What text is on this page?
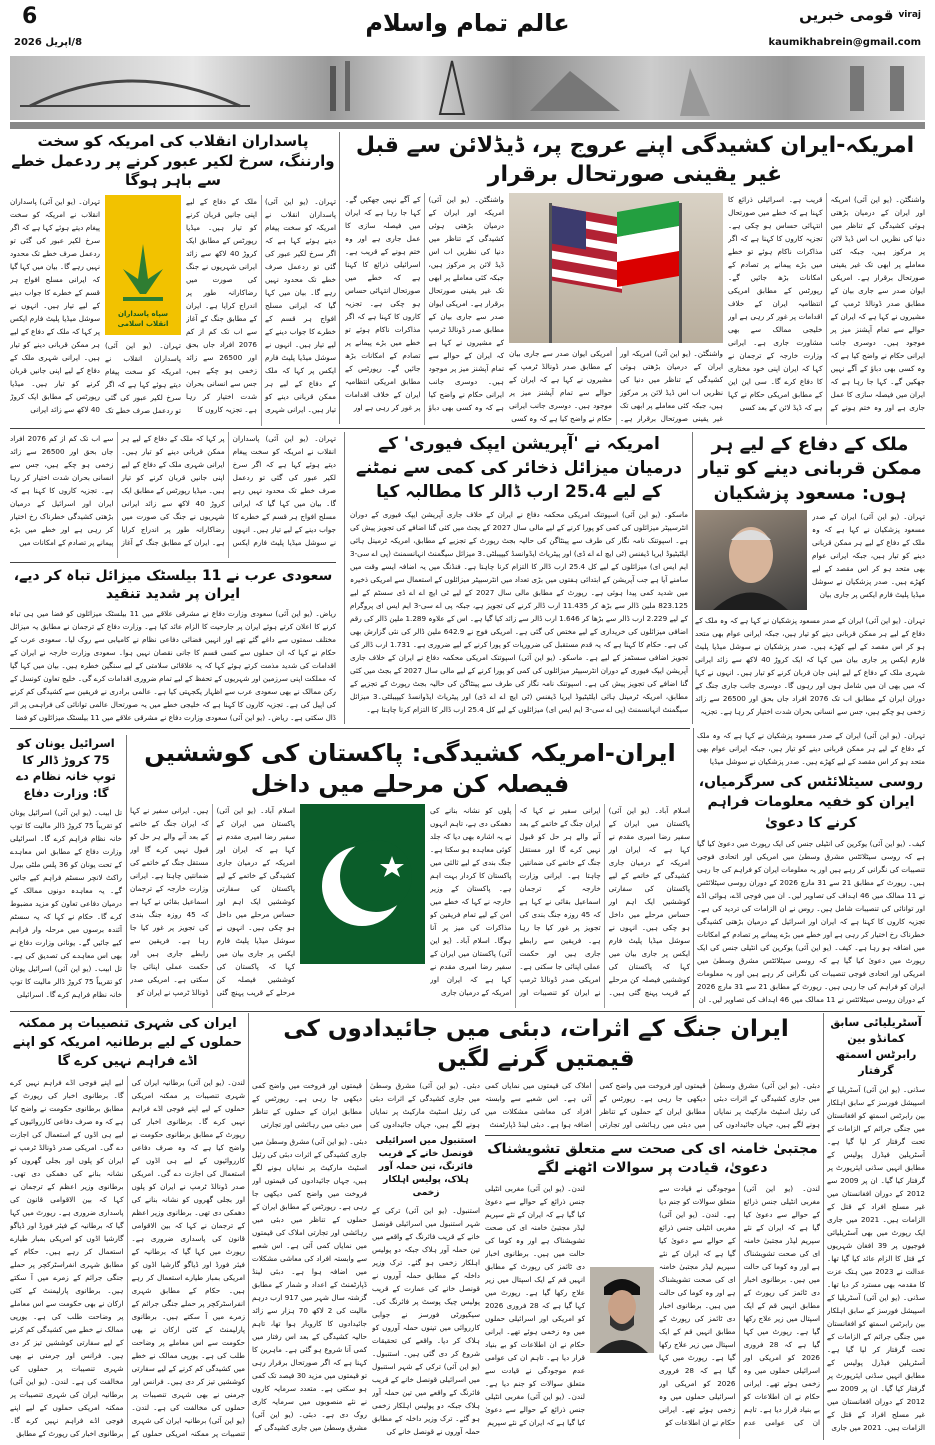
6
8/اپریل 2026
عالم تمام واسلام	قومی خبریں viraj
kaumikhabrein@gmail.com
امریکہ-ایران کشیدگی اپنے عروج پر، ڈیڈلائن سے قبل غیر یقینی صورتحال برقرار
واشنگٹن۔ (یو این آئی) امریکہ اور ایران کے درمیان بڑھتی ہوئی کشیدگی کے تناظر میں دنیا کی نظریں اب اس ڈیڈ لائن پر مرکوز ہیں، جبکہ کئی معاملے پر ابھی تک غیر یقینی صورتحال برقرار ہے۔ امریکی ایوان صدر سے جاری بیان کے مطابق صدر ڈونالڈ ٹرمپ کے مشیروں نے کہا ہے کہ ایران کے حوالے سے تمام آپشنز میز پر موجود ہیں۔ دوسری جانب ایرانی حکام نے واضح کیا ہے کہ وہ کسی بھی دباؤ کے آگے نہیں جھکیں گے۔ کہا جا رہا ہے کہ ایران میں فیصلہ سازی کا عمل جاری ہے اور وہ ختم ہونے کے قریب ہے۔ اسرائیلی ذرائع کا کہنا ہے کہ خطے میں صورتحال انتہائی حساس ہو چکی ہے۔ تجزیہ کاروں کا کہنا ہے کہ اگر مذاکرات ناکام ہوئے تو خطے میں بڑے پیمانے پر تصادم کے امکانات بڑھ جائیں گے۔ رپورٹس کے مطابق امریکی انتظامیہ ایران کے خلاف اقدامات پر غور کر رہی ہے اور
واشنگٹن۔ (یو این آئی) امریکہ اور ایران کے درمیان بڑھتی ہوئی کشیدگی کے تناظر میں دنیا کی نظریں اب اس ڈیڈ لائن پر مرکوز ہیں، جبکہ کئی معاملے پر ابھی تک غیر یقینی صورتحال برقرار ہے۔ امریکی ایوان صدر سے جاری بیان کے مطابق صدر ڈونالڈ ٹرمپ کے مشیروں نے کہا ہے کہ ایران کے حوالے سے تمام آپشنز میز پر موجود ہیں۔ دوسری جانب ایرانی حکام نے واضح کیا ہے کہ وہ کسی
واشنگٹن۔ (یو این آئی) امریکہ اور ایران کے درمیان بڑھتی ہوئی کشیدگی کے تناظر میں دنیا کی نظریں اب اس ڈیڈ لائن پر مرکوز ہیں، جبکہ کئی معاملے پر ابھی تک غیر یقینی صورتحال برقرار ہے۔ امریکی ایوان صدر سے جاری بیان کے مطابق صدر ڈونالڈ ٹرمپ کے مشیروں نے کہا ہے کہ ایران کے حوالے سے تمام آپشنز میز پر موجود ہیں۔ دوسری جانب ایرانی حکام نے واضح کیا ہے کہ وہ کسی بھی دباؤ کے آگے نہیں جھکیں گے۔ کہا جا رہا ہے کہ ایران میں فیصلہ سازی کا عمل جاری ہے اور وہ ختم ہونے کے قریب ہے۔ اسرائیلی ذرائع کا کہنا ہے کہ خطے میں صورتحال انتہائی حساس ہو چکی ہے۔ تجزیہ کاروں کا کہنا ہے کہ اگر مذاکرات ناکام ہوئے تو خطے میں بڑے پیمانے پر تصادم کے امکانات بڑھ جائیں گے۔ رپورٹس کے مطابق امریکی انتظامیہ ایران کے خلاف اقدامات پر غور کر رہی ہے اور خلیجی ممالک سے بھی مشاورت جاری ہے۔ ایرانی وزارت خارجہ کے ترجمان نے کہا کہ ایران اپنی خود مختاری کا دفاع کرے گا۔ سی این این کے مطابق امریکی حکام نے کہا ہے کہ ڈیڈ لائن کے بعد کسی
پاسداران انقلاب کی امریکہ کو سخت وارننگ، سرخ لکیر عبور کرنے پر ردعمل خطے سے باہر ہوگا
تہران۔ (یو این آئی) پاسداران انقلاب نے امریکہ کو سخت پیغام دیتے ہوئے کہا ہے کہ اگر سرخ لکیر عبور کی گئی تو ردعمل صرف خطے تک محدود نہیں رہے گا۔ بیان میں کہا گیا کہ ایرانی مسلح افواج ہر قسم کے خطرے کا جواب دینے کے لیے تیار ہیں۔ انہوں نے سوشل میڈیا پلیٹ فارم ایکس پر کہا کہ ملک کے دفاع کے لیے ہر ممکن قربانی دینے کو تیار ہیں۔ ایرانی شہری ملک کے دفاع کے لیے اپنی جانیں قربان کرنے کو تیار ہیں۔ میڈیا رپورٹس کے مطابق ایک کروڑ 40 لاکھ سے زائد ایرانی
سپاه پاسداران انقلاب اسلامی
تہران۔ (یو این آئی) پاسداران انقلاب نے امریکہ کو سخت پیغام دیتے ہوئے کہا ہے کہ اگر سرخ لکیر عبور کی گئی تو ردعمل صرف خطے تک
تہران۔ (یو این آئی) پاسداران انقلاب نے امریکہ کو سخت پیغام دیتے ہوئے کہا ہے کہ اگر سرخ لکیر عبور کی گئی تو ردعمل صرف خطے تک محدود نہیں رہے گا۔ بیان میں کہا گیا کہ ایرانی مسلح افواج ہر قسم کے خطرے کا جواب دینے کے لیے تیار ہیں۔ انہوں نے سوشل میڈیا پلیٹ فارم ایکس پر کہا کہ ملک کے دفاع کے لیے ہر ممکن قربانی دینے کو تیار ہیں۔ ایرانی شہری ملک کے دفاع کے لیے اپنی جانیں قربان کرنے کو تیار ہیں۔ میڈیا رپورٹس کے مطابق ایک کروڑ 40 لاکھ سے زائد ایرانی شہریوں نے جنگ کی صورت میں رضاکارانہ طور پر اندراج کرایا ہے۔ ایران کے مطابق جنگ کے آغاز سے اب تک کم از کم 2076 افراد جاں بحق اور 26500 سے زائد زخمی ہو چکے ہیں، جس سے انسانی بحران شدت اختیار کر رہا ہے۔ تجزیہ کاروں کا
ملک کے دفاع کے لیے ہر ممکن قربانی دینے کو تیار ہوں: مسعود پزشکیان
تہران۔ (یو این آئی) ایران کے صدر مسعود پزشکیان نے کہا ہے کہ وہ ملک کے دفاع کے لیے ہر ممکن قربانی دینے کو تیار ہیں، جبکہ ایرانی عوام بھی متحد ہو کر اس مقصد کے لیے کھڑے ہیں۔ صدر پزشکیان نے سوشل میڈیا پلیٹ فارم ایکس پر جاری بیان
تہران۔ (یو این آئی) ایران کے صدر مسعود پزشکیان نے کہا ہے کہ وہ ملک کے دفاع کے لیے ہر ممکن قربانی دینے کو تیار ہیں، جبکہ ایرانی عوام بھی متحد ہو کر اس مقصد کے لیے کھڑے ہیں۔ صدر پزشکیان نے سوشل میڈیا پلیٹ فارم ایکس پر جاری بیان میں کہا کہ ایک کروڑ 40 لاکھ سے زائد ایرانی شہری ملک کے دفاع کے لیے اپنی جان قربان کرنے کو تیار ہیں۔ انہوں نے کہا کہ میں بھی ان میں شامل ہوں اور رہوں گا۔ دوسری جانب جاری جنگ کے دوران ایران کے مطابق اب تک 2076 افراد جاں بحق اور 26500 سے زائد زخمی ہو چکے ہیں، جس سے انسانی بحران شدت اختیار کر رہا ہے۔ تجزیہ
امریکہ نے 'آپریشن ایپک فیوری' کے درمیان میزائل ذخائر کی کمی سے نمٹنے کے لیے 25.4 ارب ڈالر کا مطالبہ کیا
ماسکو۔ (یو این آئی) اسپوتنک امریکی محکمہ دفاع نے ایران کے خلاف جاری آپریشن ایپک فیوری کے دوران انٹرسیپٹر میزائلوں کی کمی کو پورا کرنے کے لیے مالی سال 2027 کے بجٹ میں کئی گنا اضافے کی تجویز پیش کی ہے۔ اسپوتنک نامہ نگار کی طرف سے پینٹاگن کی حالیہ بجٹ رپورٹ کے تجزیے کے مطابق، امریکہ ٹرمینل ہائی ایلٹیٹیوڈ ایریا ڈیفنس (ٹی ایچ اے اے ڈی) اور پیٹریاٹ ایڈوانسڈ کیپیبلٹی۔3 میزائل سیگمنٹ انہانسمنٹ (پی اے سی-3 ایم ایس ای) میزائلوں کے لیے کل 25.4 ارب ڈالر کا التزام کرنا چاہتا ہے۔ فنڈنگ میں یہ اضافہ ایسے وقت میں سامنے آیا ہے جب آپریشن کے ابتدائی ہفتوں میں بڑی تعداد میں انٹرسیپٹر میزائلوں کے استعمال سے امریکی ذخیرہ میں شدید کمی پیدا ہوئی ہے۔ رپورٹ کے مطابق مالی سال 2027 کے لیے ٹی ایچ اے اے ڈی سسٹم کے لیے 823.125 ملین ڈالر سے بڑھ کر 11.435 ارب ڈالر کرنے کی تجویز ہے، جبکہ پی اے سی-3 ایم ایس ای پروگرام کے لیے 2.229 ارب ڈالر سے بڑھا کر 1.646 ارب ڈالر سے زائد کیا گیا ہے۔ اس کے علاوہ 1.289 ملین ڈالر کی رقم اضافی میزائلوں کی خریداری کے لیے مختص کی گئی ہے۔ امریکی فوج نے 642.9 ملین ڈالر کی نئی گزارش بھی کی ہے۔ حکام کا کہنا ہے کہ یہ قدم مستقبل کی ضروریات کو پورا کرنے کے لیے ضروری ہے۔ 1.731 ارب ڈالر کی تجویز اضافی سسٹمز کے لیے ہے۔ ماسکو۔ (یو این آئی) اسپوتنک امریکی محکمہ دفاع نے ایران کے خلاف جاری آپریشن ایپک فیوری کے دوران انٹرسیپٹر میزائلوں کی کمی کو پورا کرنے کے لیے مالی سال 2027 کے بجٹ میں کئی گنا اضافے کی تجویز پیش کی ہے۔ اسپوتنک نامہ نگار کی طرف سے پینٹاگن کی حالیہ بجٹ رپورٹ کے تجزیے کے مطابق، امریکہ ٹرمینل ہائی ایلٹیٹیوڈ ایریا ڈیفنس (ٹی ایچ اے اے ڈی) اور پیٹریاٹ ایڈوانسڈ کیپیبلٹی۔3 میزائل سیگمنٹ انہانسمنٹ (پی اے سی-3 ایم ایس ای) میزائلوں کے لیے کل 25.4 ارب ڈالر کا التزام کرنا چاہتا ہے۔
تہران۔ (یو این آئی) پاسداران انقلاب نے امریکہ کو سخت پیغام دیتے ہوئے کہا ہے کہ اگر سرخ لکیر عبور کی گئی تو ردعمل صرف خطے تک محدود نہیں رہے گا۔ بیان میں کہا گیا کہ ایرانی مسلح افواج ہر قسم کے خطرے کا جواب دینے کے لیے تیار ہیں۔ انہوں نے سوشل میڈیا پلیٹ فارم ایکس پر کہا کہ ملک کے دفاع کے لیے ہر ممکن قربانی دینے کو تیار ہیں۔ ایرانی شہری ملک کے دفاع کے لیے اپنی جانیں قربان کرنے کو تیار ہیں۔ میڈیا رپورٹس کے مطابق ایک کروڑ 40 لاکھ سے زائد ایرانی شہریوں نے جنگ کی صورت میں رضاکارانہ طور پر اندراج کرایا ہے۔ ایران کے مطابق جنگ کے آغاز سے اب تک کم از کم 2076 افراد جاں بحق اور 26500 سے زائد زخمی ہو چکے ہیں، جس سے انسانی بحران شدت اختیار کر رہا ہے۔ تجزیہ کاروں کا کہنا ہے کہ ایران اور اسرائیل کے درمیان بڑھتی کشیدگی خطرناک رخ اختیار کر رہی ہے اور خطے میں بڑے پیمانے پر تصادم کے امکانات میں
سعودی عرب نے 11 بیلسٹک میزائل تباہ کر دیے، ایران پر شدید تنقید
ریاض۔ (یو این آئی) سعودی وزارت دفاع نے مشرقی علاقے میں 11 بیلسٹک میزائلوں کو فضا میں ہی تباہ کرنے کا اعلان کرتے ہوئے ایران پر جارحیت کا الزام عائد کیا ہے۔ وزارت دفاع کے ترجمان نے مطابق یہ میزائل مختلف سمتوں سے داغے گئے تھے اور انہیں فضائی دفاعی نظام نے کامیابی سے روک لیا۔ سعودی عرب کے حکام نے کہا کہ ان حملوں سے کسی قسم کا جانی نقصان نہیں ہوا۔ سعودی وزارت خارجہ نے ایران کے اقدامات کی شدید مذمت کرتے ہوئے کہا کہ یہ علاقائی سلامتی کے لیے سنگین خطرہ ہیں۔ بیان میں کہا گیا کہ مملکت اپنی سرزمین اور شہریوں کے تحفظ کے لیے تمام ضروری اقدامات کرے گی۔ خلیج تعاون کونسل کے رکن ممالک نے بھی سعودی عرب سے اظہار یکجہتی کیا ہے۔ عالمی برادری نے فریقین سے کشیدگی کم کرنے کی اپیل کی ہے۔ تجزیہ کاروں کا کہنا ہے کہ خلیجی خطے میں یہ صورتحال عالمی توانائی کی فراہمی پر اثر ڈال سکتی ہے۔ ریاض۔ (یو این آئی) سعودی وزارت دفاع نے مشرقی علاقے میں 11 بیلسٹک میزائلوں کو فضا
تہران۔ (یو این آئی) ایران کے صدر مسعود پزشکیان نے کہا ہے کہ وہ ملک کے دفاع کے لیے ہر ممکن قربانی دینے کو تیار ہیں، جبکہ ایرانی عوام بھی متحد ہو کر اس مقصد کے لیے کھڑے ہیں۔ صدر پزشکیان نے سوشل میڈیا
روسی سیٹلائٹس کی سرگرمیاں، ایران کو خفیہ معلومات فراہم کرنے کا دعویٰ
کیف۔ (یو این آئی) یوکرین کی انٹیلی جنس کی ایک رپورٹ میں دعویٰ کیا گیا ہے کہ روسی سیٹلائٹس مشرق وسطیٰ میں امریکی اور اتحادی فوجی تنصیبات کی نگرانی کر رہے ہیں اور یہ معلومات ایران کو فراہم کی جا رہی ہیں۔ رپورٹ کے مطابق 21 سے 31 مارچ 2026 کے دوران روسی سیٹلائٹس نے 11 ممالک میں 46 اہداف کی تصاویر لیں۔ ان میں فوجی اڈے، ہوائی اڈے اور توانائی کی تنصیبات شامل ہیں۔ روس نے ان الزامات کی تردید کی ہے۔ تجزیہ کاروں کا کہنا ہے کہ ایران اور اسرائیل کے درمیان بڑھتی کشیدگی خطرناک رخ اختیار کر رہی ہے اور خطے میں بڑے پیمانے پر تصادم کے امکانات میں اضافہ ہو رہا ہے۔ کیف۔ (یو این آئی) یوکرین کی انٹیلی جنس کی ایک رپورٹ میں دعویٰ کیا گیا ہے کہ روسی سیٹلائٹس مشرق وسطیٰ میں امریکی اور اتحادی فوجی تنصیبات کی نگرانی کر رہے ہیں اور یہ معلومات ایران کو فراہم کی جا رہی ہیں۔ رپورٹ کے مطابق 21 سے 31 مارچ 2026 کے دوران روسی سیٹلائٹس نے 11 ممالک میں 46 اہداف کی تصاویر لیں۔ ان
ایران-امریکہ کشیدگی: پاکستان کی کوششیں فیصلہ کن مرحلے میں داخل
اسلام آباد۔ (یو این آئی) پاکستان میں ایران کے سفیر رضا امیری مقدم نے کہا ہے کہ ایران اور امریکہ کے درمیان جاری کشیدگی کے خاتمے کے لیے پاکستان کی سفارتی کوششیں ایک اہم اور حساس مرحلے میں داخل ہو چکی ہیں۔ انہوں نے سوشل میڈیا پلیٹ فارم ایکس پر جاری بیان میں کہا کہ پاکستان کی کوششیں فیصلہ کن مرحلے کے قریب پہنچ گئی ہیں۔ ایرانی سفیر نے کہا کہ ایران جنگ کے خاتمے کے بعد آنے والے ہر حل کو قبول نہیں کرے گا اور مستقل جنگ کے خاتمے کی ضمانتیں چاہتا ہے۔ ایرانی وزارت خارجہ کے ترجمان اسماعیل بقائی نے کہا ہے کہ 45 روزہ جنگ بندی کی تجویز پر غور کیا جا رہا ہے۔ فریقین سے رابطے جاری ہیں اور حکمت عملی اپنائی جا سکتی ہے۔ امریکی صدر ڈونالڈ ٹرمپ نے ایران کو
اسلام آباد۔ (یو این آئی) پاکستان میں ایران کے سفیر رضا امیری مقدم نے کہا ہے کہ ایران اور امریکہ کے درمیان جاری کشیدگی کے خاتمے کے لیے پاکستان کی سفارتی کوششیں ایک اہم اور حساس مرحلے میں داخل ہو چکی ہیں۔ انہوں نے سوشل میڈیا پلیٹ فارم ایکس پر جاری بیان میں کہا کہ پاکستان کی کوششیں فیصلہ کن مرحلے کے قریب پہنچ گئی ہیں۔ ایرانی سفیر نے کہا کہ ایران جنگ کے خاتمے کے بعد آنے والے ہر حل کو قبول نہیں کرے گا اور مستقل جنگ کے خاتمے کی ضمانتیں چاہتا ہے۔ ایرانی وزارت خارجہ کے ترجمان اسماعیل بقائی نے کہا ہے کہ 45 روزہ جنگ بندی کی تجویز پر غور کیا جا رہا ہے۔ فریقین سے رابطے جاری ہیں اور حکمت عملی اپنائی جا سکتی ہے۔ امریکی صدر ڈونالڈ ٹرمپ نے ایران کو تنصیبات اور پلوں کو نشانہ بنانے کی دھمکی دی ہے، تاہم انہوں نے یہ اشارہ بھی دیا کہ جلد کوئی معاہدہ ہو سکتا ہے۔ جنگ بندی کے لیے ثالثی میں پاکستان کا کردار بہت اہم ہے۔ پاکستان کے وزیر خارجہ نے کہا کہ خطے میں امن کے لیے تمام فریقین کو مذاکرات کی میز پر آنا ہوگا۔ اسلام آباد۔ (یو این آئی) پاکستان میں ایران کے سفیر رضا امیری مقدم نے کہا ہے کہ ایران اور امریکہ کے درمیان جاری
اسرائیل یونان کو 75 کروڑ ڈالر کا توپ خانہ نظام دے گا: وزارت دفاع
تل ابیب۔ (یو این آئی) اسرائیل یونان کو تقریباً 75 کروڑ ڈالر مالیت کا توپ خانہ نظام فراہم کرے گا۔ اسرائیلی وزارت دفاع کے مطابق اس معاہدے کے تحت یونان کو 36 پلس ملٹی بیرل راکٹ لانچر سسٹم فراہم کیے جائیں گے۔ یہ معاہدہ دونوں ممالک کے درمیان دفاعی تعاون کو مزید مضبوط کرے گا۔ حکام نے کہا کہ یہ سسٹم آئندہ برسوں میں مرحلہ وار فراہم کیے جائیں گے۔ یونانی وزارت دفاع نے بھی اس معاہدے کی تصدیق کی ہے۔ تل ابیب۔ (یو این آئی) اسرائیل یونان کو تقریباً 75 کروڑ ڈالر مالیت کا توپ خانہ نظام فراہم کرے گا۔ اسرائیلی
آسٹریلیائی سابق کمانڈو بین رابرٹس اسمتھ گرفتار
سڈنی۔ (یو این آئی) آسٹریلیا کے اسپیشل فورسز کے سابق اہلکار بین رابرٹس اسمتھ کو افغانستان میں جنگی جرائم کے الزامات کے تحت گرفتار کر لیا گیا ہے۔ آسٹریلین فیڈرل پولیس کے مطابق انہیں سڈنی ایئرپورٹ پر گرفتار کیا گیا۔ ان پر 2009 سے 2012 کے دوران افغانستان میں غیر مسلح افراد کے قتل کے الزامات ہیں۔ 2021 میں جاری ایک رپورٹ میں بھی آسٹریلیائی فوجیوں پر 39 افغان شہریوں کے قتل کا الزام عائد کیا گیا تھا۔ عدالت نے 2023 میں ہتک عزت کا مقدمہ بھی مسترد کر دیا تھا۔ سڈنی۔ (یو این آئی) آسٹریلیا کے اسپیشل فورسز کے سابق اہلکار بین رابرٹس اسمتھ کو افغانستان میں جنگی جرائم کے الزامات کے تحت گرفتار کر لیا گیا ہے۔ آسٹریلین فیڈرل پولیس کے مطابق انہیں سڈنی ایئرپورٹ پر گرفتار کیا گیا۔ ان پر 2009 سے 2012 کے دوران افغانستان میں غیر مسلح افراد کے قتل کے الزامات ہیں۔ 2021 میں جاری
ایران جنگ کے اثرات، دبئی میں جائیدادوں کی قیمتیں گرنے لگیں
دبئی۔ (یو این آئی) مشرق وسطیٰ میں جاری کشیدگی کے اثرات دبئی کی رئیل اسٹیٹ مارکیٹ پر نمایاں ہونے لگے ہیں، جہاں جائیدادوں کی قیمتوں اور فروخت میں واضح کمی دیکھی جا رہی ہے۔ رپورٹس کے مطابق ایران کے حملوں کے تناظر میں دبئی میں رہائشی اور تجارتی
دبئی۔ (یو این آئی) مشرق وسطیٰ میں جاری کشیدگی کے اثرات دبئی کی رئیل اسٹیٹ مارکیٹ پر نمایاں ہونے لگے ہیں، جہاں جائیدادوں کی قیمتوں اور فروخت میں واضح کمی دیکھی جا رہی ہے۔ رپورٹس کے مطابق ایران کے حملوں کے تناظر میں دبئی میں رہائشی اور تجارتی املاک کی قیمتوں میں نمایاں کمی آئی ہے۔ اس شعبے سے وابستہ افراد کی معاشی مشکلات میں اضافہ ہوا ہے۔ دبئی لینڈ ڈپارٹمنٹ کے اعداد و شمار کے مطابق گزشتہ سال شہر میں 917 ارب درہم مالیت کی 2 لاکھ 70 ہزار سے زائد جائیدادوں کا کاروبار ہوا تھا، تاہم حالیہ کشیدگی کے بعد اس رفتار میں کمی آنا شروع ہو گئی ہے۔ ماہرین کا کہنا ہے کہ اگر صورتحال برقرار رہی تو قیمتوں میں مزید 30 فیصد تک کمی ہو سکتی ہے۔ متعدد سرمایہ کاروں نے نئے منصوبوں میں سرمایہ کاری روک دی ہے۔ دبئی۔ (یو این آئی) مشرق وسطیٰ میں جاری کشیدگی کے
استنبول میں اسرائیلی قونصل خانے کے قریب فائرنگ، تین حملہ آور ہلاک، پولیس اہلکار زخمی
استنبول۔ (یو این آئی) ترکی کے شہر استنبول میں اسرائیلی قونصل خانے کے قریب فائرنگ کے واقعے میں تین حملہ آور ہلاک جبکہ دو پولیس اہلکار زخمی ہو گئے۔ ترک وزیر داخلہ کے مطابق حملہ آوروں نے قونصل خانے کی عمارت کے قریب پولیس چیک پوسٹ پر فائرنگ کی۔ سیکیورٹی فورسز نے جوابی کارروائی میں تینوں حملہ آوروں کو ہلاک کر دیا۔ واقعے کی تحقیقات شروع کر دی گئی ہیں۔ استنبول۔ (یو این آئی) ترکی کے شہر استنبول میں اسرائیلی قونصل خانے کے قریب فائرنگ کے واقعے میں تین حملہ آور ہلاک جبکہ دو پولیس اہلکار زخمی ہو گئے۔ ترک وزیر داخلہ کے مطابق حملہ آوروں نے قونصل خانے کی
دبئی۔ (یو این آئی) مشرق وسطیٰ میں جاری کشیدگی کے اثرات دبئی کی رئیل اسٹیٹ مارکیٹ پر نمایاں ہونے لگے ہیں، جہاں جائیدادوں کی قیمتوں اور فروخت میں واضح کمی دیکھی جا رہی ہے۔ رپورٹس کے مطابق ایران کے حملوں کے تناظر میں دبئی میں رہائشی اور تجارتی املاک کی قیمتوں میں نمایاں کمی آئی ہے۔ اس شعبے سے وابستہ افراد کی معاشی مشکلات میں اضافہ ہوا ہے۔ دبئی لینڈ ڈپارٹمنٹ
مجتبیٰ خامنہ ای کی صحت سے متعلق تشویشناک دعویٰ، قیادت پر سوالات اٹھنے لگے
لندن۔ (یو این آئی) مغربی انٹیلی جنس ذرائع کے حوالے سے دعویٰ کیا گیا ہے کہ ایران کے نئے سپریم لیڈر مجتبیٰ خامنہ ای کی صحت تشویشناک ہے اور وہ کوما کی حالت میں ہیں۔ برطانوی اخبار دی ٹائمز کی رپورٹ کے مطابق انہیں قم کے ایک اسپتال میں زیر علاج رکھا گیا ہے۔ رپورٹ میں کہا گیا ہے کہ 28 فروری 2026 کو امریکی اور اسرائیلی حملوں میں وہ زخمی ہوئے تھے۔ ایرانی حکام نے ان اطلاعات کو بے بنیاد قرار دیا ہے۔ تاہم ان کی عوامی عدم موجودگی نے قیادت سے متعلق سوالات کو جنم دیا ہے۔ لندن۔ (یو این آئی) مغربی انٹیلی جنس ذرائع کے حوالے سے دعویٰ کیا گیا ہے کہ ایران کے نئے سپریم
لندن۔ (یو این آئی) مغربی انٹیلی جنس ذرائع کے حوالے سے دعویٰ کیا گیا ہے کہ ایران کے نئے سپریم لیڈر مجتبیٰ خامنہ ای کی صحت تشویشناک ہے اور وہ کوما کی حالت میں ہیں۔ برطانوی اخبار دی ٹائمز کی رپورٹ کے مطابق انہیں قم کے ایک اسپتال میں زیر علاج رکھا گیا ہے۔ رپورٹ میں کہا گیا ہے کہ 28 فروری 2026 کو امریکی اور اسرائیلی حملوں میں وہ زخمی ہوئے تھے۔ ایرانی حکام نے ان اطلاعات کو بے بنیاد قرار دیا ہے۔ تاہم ان کی عوامی عدم موجودگی نے قیادت سے متعلق سوالات کو جنم دیا ہے۔ لندن۔ (یو این آئی) مغربی انٹیلی جنس ذرائع کے حوالے سے دعویٰ کیا گیا ہے کہ ایران کے نئے سپریم لیڈر مجتبیٰ خامنہ ای کی صحت تشویشناک ہے اور وہ کوما کی حالت میں ہیں۔ برطانوی اخبار دی ٹائمز کی رپورٹ کے مطابق انہیں قم کے ایک اسپتال میں زیر علاج رکھا گیا ہے۔ رپورٹ میں کہا گیا ہے کہ 28 فروری 2026 کو امریکی اور اسرائیلی حملوں میں وہ زخمی ہوئے تھے۔ ایرانی حکام نے ان اطلاعات کو
ایران کی شہری تنصیبات پر ممکنہ حملوں کے لیے برطانیہ امریکہ کو اپنے اڈے فراہم نہیں کرے گا
لندن۔ (یو این آئی) برطانیہ ایران کی شہری تنصیبات پر ممکنہ امریکی حملوں کے لیے اپنے فوجی اڈے فراہم نہیں کرے گا۔ برطانوی اخبار کی رپورٹ کے مطابق برطانوی حکومت نے واضح کیا ہے کہ وہ صرف دفاعی کارروائیوں کے لیے ہی اڈوں کے استعمال کی اجازت دے گی۔ امریکی صدر ڈونالڈ ٹرمپ نے ایران کو پلوں اور بجلی گھروں کو نشانہ بنانے کی دھمکی دی تھی۔ برطانوی وزیر اعظم کے ترجمان نے کہا کہ بین الاقوامی قانون کی پاسداری ضروری ہے۔ رپورٹ میں کہا گیا کہ برطانیہ کے فیئر فورڈ اور ڈیاگو گارشیا اڈوں کو امریکی بمبار طیارے استعمال کر رہے ہیں۔ حکام کے مطابق شہری انفراسٹرکچر پر حملے جنگی جرائم کے زمرے میں آ سکتے ہیں۔ برطانوی پارلیمنٹ کے کئی ارکان نے بھی حکومت سے اس معاملے پر وضاحت طلب کی ہے۔ یورپی ممالک نے خطے میں کشیدگی کم کرنے کے لیے سفارتی کوششیں تیز کر دی ہیں۔ فرانس اور جرمنی نے بھی شہری تنصیبات پر حملوں کی مخالفت کی ہے۔ لندن۔ (یو این آئی) برطانیہ ایران کی شہری تنصیبات پر ممکنہ امریکی حملوں کے لیے اپنے فوجی اڈے فراہم نہیں کرے گا۔ برطانوی اخبار کی رپورٹ کے مطابق برطانوی حکومت نے واضح کیا ہے کہ وہ صرف دفاعی کارروائیوں کے لیے ہی اڈوں کے استعمال کی اجازت دے گی۔ امریکی صدر ڈونالڈ ٹرمپ نے ایران کو پلوں اور بجلی گھروں کو نشانہ بنانے کی دھمکی دی تھی۔ برطانوی وزیر اعظم کے ترجمان نے کہا کہ بین الاقوامی قانون کی پاسداری ضروری ہے۔ رپورٹ میں کہا گیا کہ برطانیہ کے فیئر فورڈ اور ڈیاگو گارشیا اڈوں کو امریکی بمبار طیارے استعمال کر رہے ہیں۔ حکام کے مطابق شہری انفراسٹرکچر پر حملے جنگی جرائم کے زمرے میں آ سکتے ہیں۔ برطانوی پارلیمنٹ کے کئی ارکان نے بھی حکومت سے اس معاملے پر وضاحت طلب کی ہے۔ یورپی ممالک نے خطے میں کشیدگی کم کرنے کے لیے سفارتی کوششیں تیز کر دی ہیں۔ فرانس اور جرمنی نے بھی شہری تنصیبات پر حملوں کی مخالفت کی ہے۔ لندن۔ (یو این آئی) برطانیہ ایران کی شہری تنصیبات پر ممکنہ امریکی حملوں کے لیے اپنے فوجی اڈے فراہم نہیں کرے گا۔ برطانوی اخبار کی رپورٹ کے مطابق
